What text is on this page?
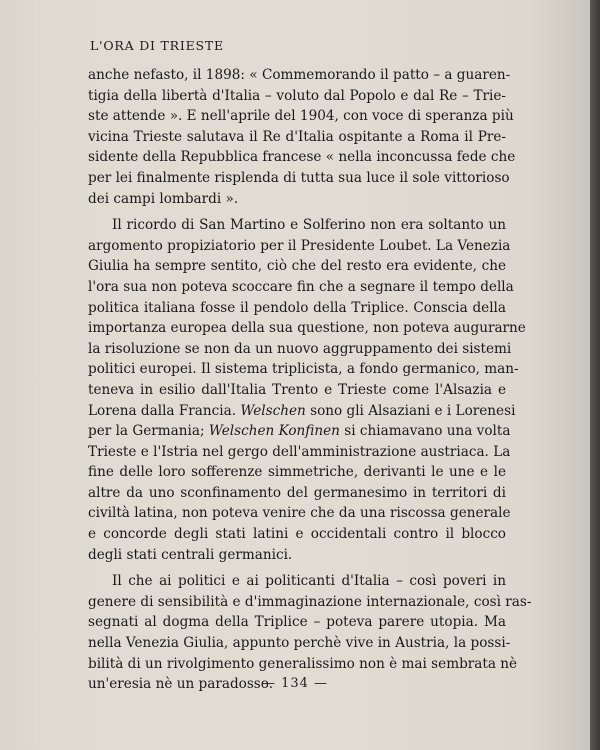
L'ORA DI TRIESTE

anche nefasto, il 1898: « Commemorando il patto – a guaren-
tigia della libertà d'Italia – voluto dal Popolo e dal Re – Trie-
ste attende ». E nell'aprile del 1904, con voce di speranza più
vicina Trieste salutava il Re d'Italia ospitante a Roma il Pre-
sidente della Repubblica francese « nella inconcussa fede che
per lei finalmente risplenda di tutta sua luce il sole vittorioso
dei campi lombardi ».

Il ricordo di San Martino e Solferino non era soltanto un
argomento propiziatorio per il Presidente Loubet. La Venezia
Giulia ha sempre sentito, ciò che del resto era evidente, che
l'ora sua non poteva scoccare fin che a segnare il tempo della
politica italiana fosse il pendolo della Triplice. Conscia della
importanza europea della sua questione, non poteva augurarne
la risoluzione se non da un nuovo aggruppamento dei sistemi
politici europei. Il sistema triplicista, a fondo germanico, man-
teneva in esilio dall'Italia Trento e Trieste come l'Alsazia e
Lorena dalla Francia. Welschen sono gli Alsaziani e i Lorenesi
per la Germania; Welschen Konfinen si chiamavano una volta
Trieste e l'Istria nel gergo dell'amministrazione austriaca. La
fine delle loro sofferenze simmetriche, derivanti le une e le
altre da uno sconfinamento del germanesimo in territori di
civiltà latina, non poteva venire che da una riscossa generale
e concorde degli stati latini e occidentali contro il blocco
degli stati centrali germanici.

Il che ai politici e ai politicanti d'Italia – così poveri in
genere di sensibilità e d'immaginazione internazionale, così ras-
segnati al dogma della Triplice – poteva parere utopia. Ma
nella Venezia Giulia, appunto perchè vive in Austria, la possi-
bilità di un rivolgimento generalissimo non è mai sembrata nè
un'eresia nè un paradosso.

— 134 —
